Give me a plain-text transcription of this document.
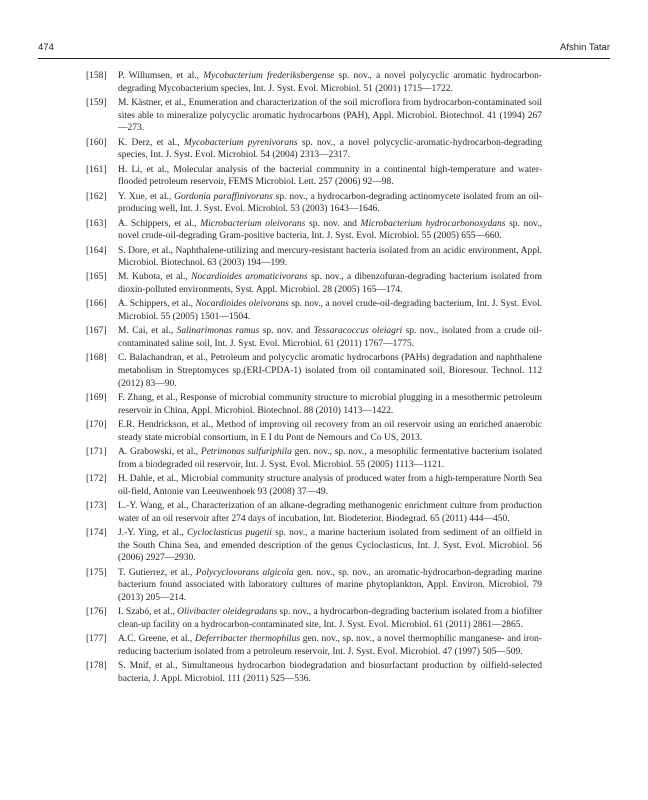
474	Afshin Tatar
[158] P. Willumsen, et al., Mycobacterium frederiksbergense sp. nov., a novel polycyclic aromatic hydrocarbon-degrading Mycobacterium species, Int. J. Syst. Evol. Microbiol. 51 (2001) 1715—1722.
[159] M. Kästner, et al., Enumeration and characterization of the soil microflora from hydrocarbon-contaminated soil sites able to mineralize polycyclic aromatic hydrocarbons (PAH), Appl. Microbiol. Biotechnol. 41 (1994) 267—273.
[160] K. Derz, et al., Mycobacterium pyrenivorans sp. nov., a novel polycyclic-aromatic-hydrocarbon-degrading species, Int. J. Syst. Evol. Microbiol. 54 (2004) 2313—2317.
[161] H. Li, et al., Molecular analysis of the bacterial community in a continental high-temperature and water-flooded petroleum reservoir, FEMS Microbiol. Lett. 257 (2006) 92—98.
[162] Y. Xue, et al., Gordonia paraffinivorans sp. nov., a hydrocarbon-degrading actinomycete isolated from an oil-producing well, Int. J. Syst. Evol. Microbiol. 53 (2003) 1643—1646.
[163] A. Schippers, et al., Microbacterium oleivorans sp. nov. and Microbacterium hydrocarbonoxydans sp. nov., novel crude-oil-degrading Gram-positive bacteria, Int. J. Syst. Evol. Microbiol. 55 (2005) 655—660.
[164] S. Dore, et al., Naphthalene-utilizing and mercury-resistant bacteria isolated from an acidic environment, Appl. Microbiol. Biotechnol. 63 (2003) 194—199.
[165] M. Kubota, et al., Nocardioides aromaticivorans sp. nov., a dibenzofuran-degrading bacterium isolated from dioxin-polluted environments, Syst. Appl. Microbiol. 28 (2005) 165—174.
[166] A. Schippers, et al., Nocardioides oleivorans sp. nov., a novel crude-oil-degrading bacterium, Int. J. Syst. Evol. Microbiol. 55 (2005) 1501—1504.
[167] M. Cai, et al., Salinarimonas ramus sp. nov. and Tessaracoccus oleiagri sp. nov., isolated from a crude oil-contaminated saline soil, Int. J. Syst. Evol. Microbiol. 61 (2011) 1767—1775.
[168] C. Balachandran, et al., Petroleum and polycyclic aromatic hydrocarbons (PAHs) degradation and naphthalene metabolism in Streptomyces sp.(ERI-CPDA-1) isolated from oil contaminated soil, Bioresour. Technol. 112 (2012) 83—90.
[169] F. Zhang, et al., Response of microbial community structure to microbial plugging in a mesothermic petroleum reservoir in China, Appl. Microbiol. Biotechnol. 88 (2010) 1413—1422.
[170] E.R. Hendrickson, et al., Method of improving oil recovery from an oil reservoir using an enriched anaerobic steady state microbial consortium, in E I du Pont de Nemours and Co US, 2013.
[171] A. Grabowski, et al., Petrimonas sulfuriphila gen. nov., sp. nov., a mesophilic fermentative bacterium isolated from a biodegraded oil reservoir, Int. J. Syst. Evol. Microbiol. 55 (2005) 1113—1121.
[172] H. Dahle, et al., Microbial community structure analysis of produced water from a high-temperature North Sea oil-field, Antonie van Leeuwenhoek 93 (2008) 37—49.
[173] L.-Y. Wang, et al., Characterization of an alkane-degrading methanogenic enrichment culture from production water of an oil reservoir after 274 days of incubation, Int. Biodeterior. Biodegrad. 65 (2011) 444—450.
[174] J.-Y. Ying, et al., Cycloclasticus pugetii sp. nov., a marine bacterium isolated from sediment of an oilfield in the South China Sea, and emended description of the genus Cycloclasticus, Int. J. Syst. Evol. Microbiol. 56 (2006) 2927—2930.
[175] T. Gutierrez, et al., Polycyclovorans algicola gen. nov., sp. nov., an aromatic-hydrocarbon-degrading marine bacterium found associated with laboratory cultures of marine phytoplankton, Appl. Environ. Microbiol. 79 (2013) 205—214.
[176] I. Szabó, et al., Olivibacter oleidegradans sp. nov., a hydrocarbon-degrading bacterium isolated from a biofilter clean-up facility on a hydrocarbon-contaminated site, Int. J. Syst. Evol. Microbiol. 61 (2011) 2861—2865.
[177] A.C. Greene, et al., Deferribacter thermophilus gen. nov., sp. nov., a novel thermophilic manganese- and iron-reducing bacterium isolated from a petroleum reservoir, Int. J. Syst. Evol. Microbiol. 47 (1997) 505—509.
[178] S. Mnif, et al., Simultaneous hydrocarbon biodegradation and biosurfactant production by oilfield-selected bacteria, J. Appl. Microbiol. 111 (2011) 525—536.
